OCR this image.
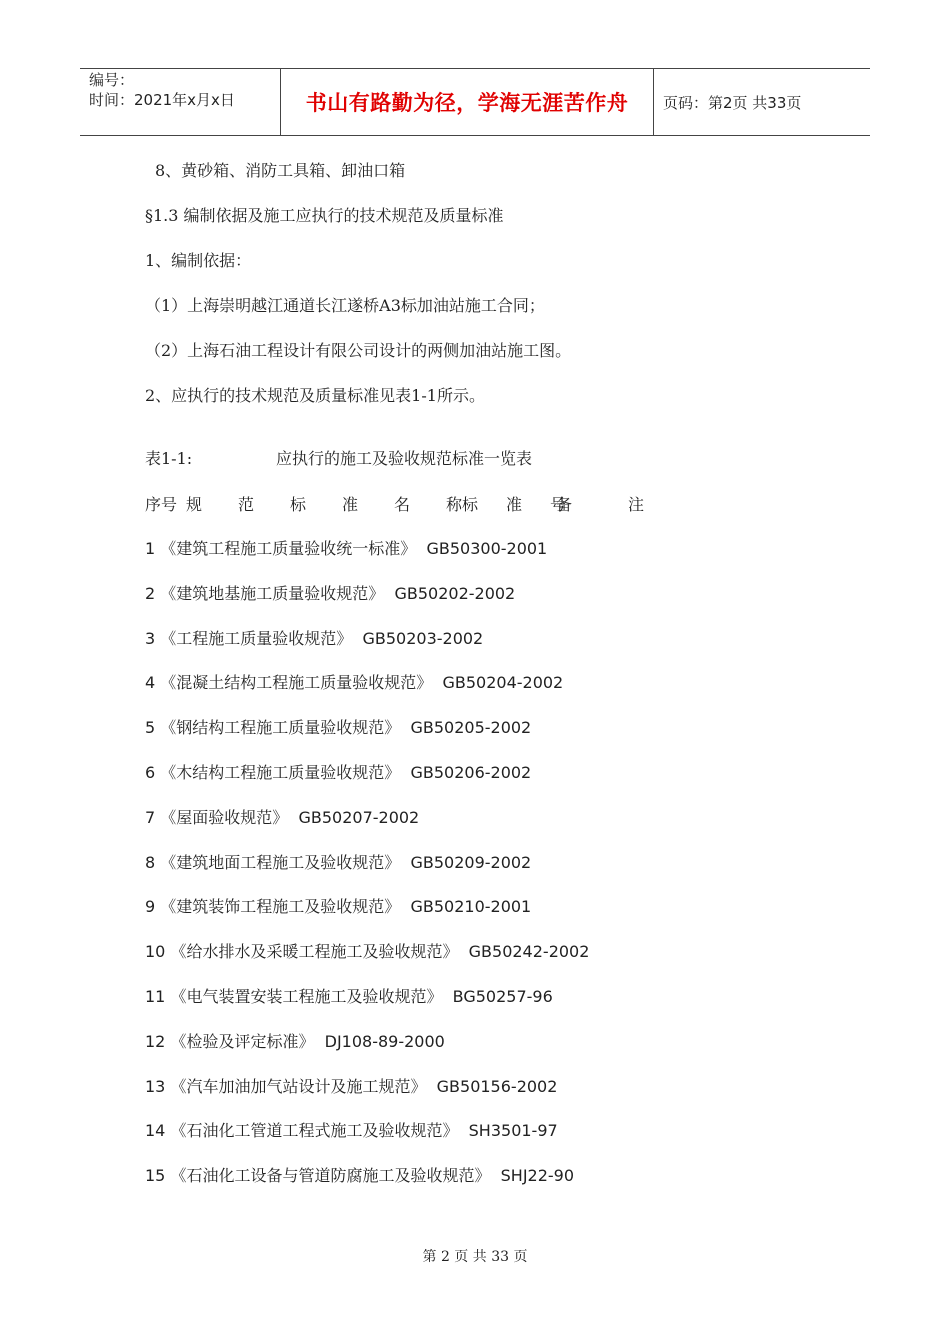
编号：
时间：2021年x月x日	书山有路勤为径，学海无涯苦作舟 页码：第2页 共33页
8、黄砂箱、消防工具箱、卸油口箱
§1.3 编制依据及施工应执行的技术规范及质量标准
1、编制依据：
（1）上海崇明越江通道长江遂桥A3标加油站施工合同；
（2）上海石油工程设计有限公司设计的两侧加油站施工图。
2、应执行的技术规范及质量标准见表1-1所示。
表1-1:	应执行的施工及验收规范标准一览表
序号 规　范　标　准　名　称
标　准　号
备　　注
1 《建筑工程施工质量验收统一标准》 GB50300-2001
2 《建筑地基施工质量验收规范》 GB50202-2002
3 《工程施工质量验收规范》 GB50203-2002
4 《混凝土结构工程施工质量验收规范》 GB50204-2002
5 《钢结构工程施工质量验收规范》 GB50205-2002
6 《木结构工程施工质量验收规范》 GB50206-2002
7 《屋面验收规范》 GB50207-2002
8 《建筑地面工程施工及验收规范》 GB50209-2002
9 《建筑装饰工程施工及验收规范》 GB50210-2001
10 《给水排水及采暖工程施工及验收规范》 GB50242-2002
11 《电气装置安装工程施工及验收规范》 BG50257-96
12 《检验及评定标准》 DJ108-89-2000
13 《汽车加油加气站设计及施工规范》 GB50156-2002
14 《石油化工管道工程式施工及验收规范》 SH3501-97
15 《石油化工设备与管道防腐施工及验收规范》 SHJ22-90
第 2 页 共 33 页
